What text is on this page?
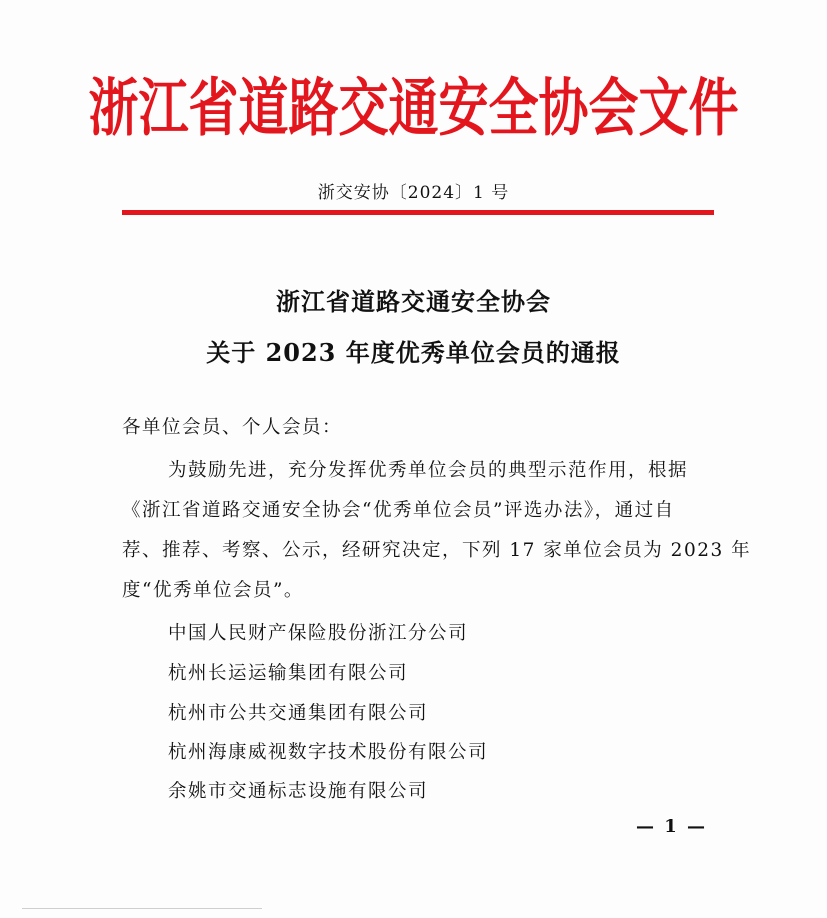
浙江省道路交通安全协会文件
浙交安协〔2024〕1 号
浙江省道路交通安全协会
关于 2023 年度优秀单位会员的通报
各单位会员、个人会员：
为鼓励先进，充分发挥优秀单位会员的典型示范作用，根据
《浙江省道路交通安全协会“优秀单位会员”评选办法》，通过自
荐、推荐、考察、公示，经研究决定，下列 17 家单位会员为 2023 年
度“优秀单位会员”。
中国人民财产保险股份浙江分公司
杭州长运运输集团有限公司
杭州市公共交通集团有限公司
杭州海康威视数字技术股份有限公司
余姚市交通标志设施有限公司
— 1 —
